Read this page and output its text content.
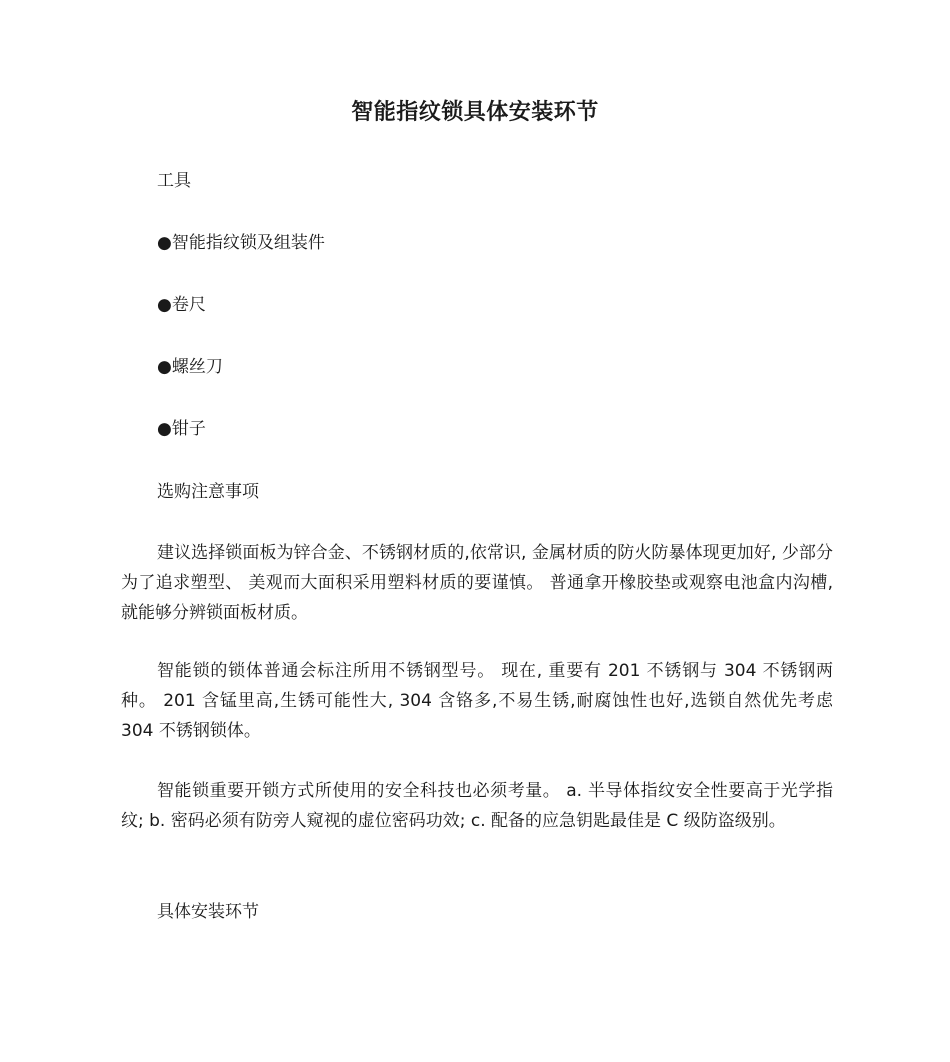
智能指纹锁具体安装环节

工具

●智能指纹锁及组装件

●卷尺

●螺丝刀

●钳子

选购注意事项

建议选择锁面板为锌合金、不锈钢材质的,依常识, 金属材质的防火防暴体现更加好, 少部分 为了追求塑型、 美观而大面积采用塑料材质的要谨慎。 普通拿开橡胶垫或观察电池盒内沟槽, 就能够分辨锁面板材质。

智能锁的锁体普通会标注所用不锈钢型号。 现在, 重要有 201 不锈钢与 304 不锈钢两种。 201 含锰里高,生锈可能性大, 304 含铬多,不易生锈,耐腐蚀性也好,选锁自然优先考虑 304 不锈钢锁体。

智能锁重要开锁方式所使用的安全科技也必须考量。 a. 半导体指纹安全性要高于光学指纹; b. 密码必须有防旁人窥视的虚位密码功效; c. 配备的应急钥匙最佳是 C 级防盗级别。

具体安装环节
